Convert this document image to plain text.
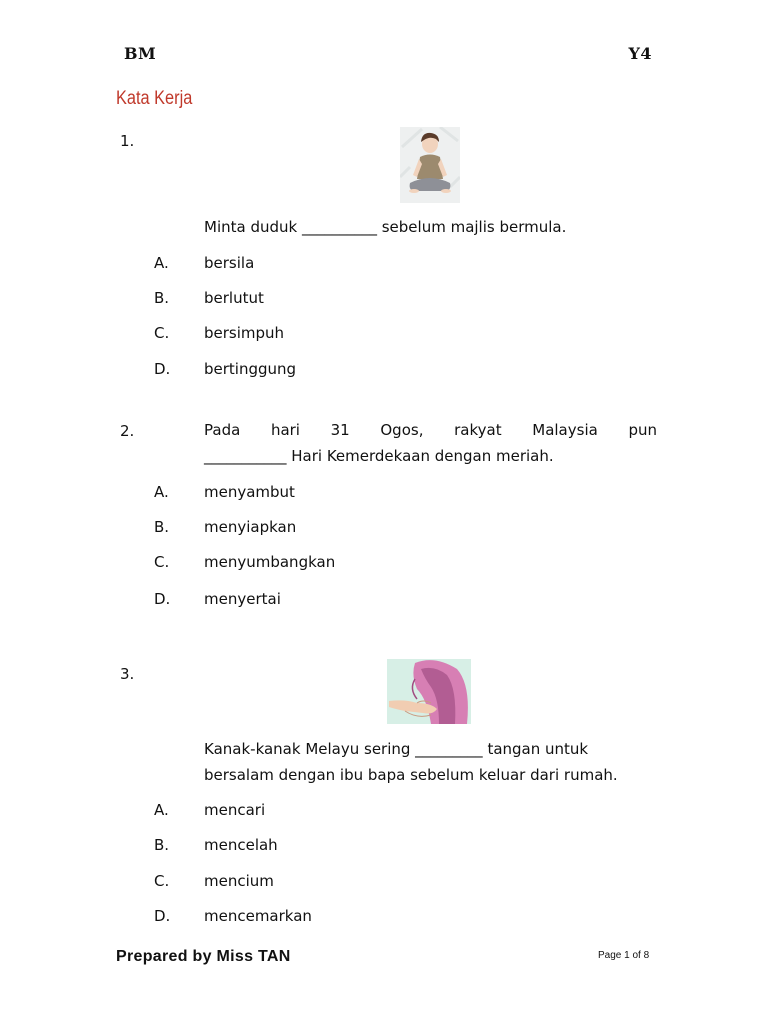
BM	Y4
Kata Kerja
1.
Minta duduk __________ sebelum majlis bermula.
A. bersila
B. berlutut
C. bersimpuh
D. bertinggung
2.	Pada hari 31 Ogos, rakyat Malaysia pun
___________ Hari Kemerdekaan dengan meriah.
A. menyambut
B. menyiapkan
C. menyumbangkan
D. menyertai
3.
Kanak-kanak Melayu sering _________ tangan untuk
bersalam dengan ibu bapa sebelum keluar dari rumah.
A. mencari
B. mencelah
C. mencium
D. mencemarkan
Prepared by Miss TAN	Page 1 of 8
